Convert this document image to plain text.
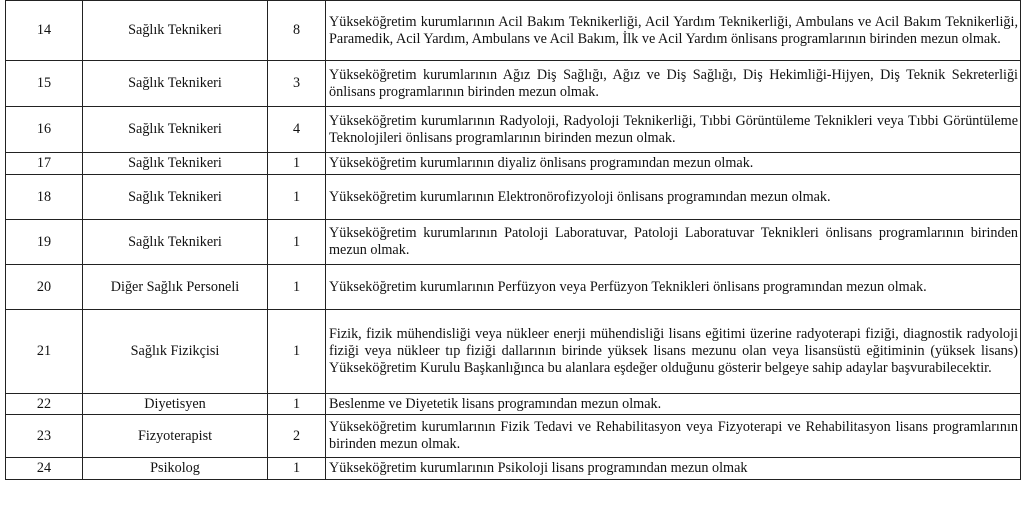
14	Sağlık Teknikeri	8	Yükseköğretim kurumlarının Acil Bakım Teknikerliği, Acil Yardım Teknikerliği, Ambulans ve Acil Bakım Teknikerliği, Paramedik, Acil Yardım, Ambulans ve Acil Bakım, İlk ve Acil Yardım önlisans programlarının birinden mezun olmak.
15	Sağlık Teknikeri	3	Yükseköğretim kurumlarının Ağız Diş Sağlığı, Ağız ve Diş Sağlığı, Diş Hekimliği-Hijyen, Diş Teknik Sekreterliği önlisans programlarının birinden mezun olmak.
16	Sağlık Teknikeri	4	Yükseköğretim kurumlarının Radyoloji, Radyoloji Teknikerliği, Tıbbi Görüntüleme Teknikleri veya Tıbbi Görüntüleme Teknolojileri önlisans programlarının birinden mezun olmak.
17	Sağlık Teknikeri	1	Yükseköğretim kurumlarının diyaliz önlisans programından mezun olmak.
18	Sağlık Teknikeri	1	Yükseköğretim kurumlarının Elektronörofizyoloji önlisans programından mezun olmak.
19	Sağlık Teknikeri	1	Yükseköğretim kurumlarının Patoloji Laboratuvar, Patoloji Laboratuvar Teknikleri önlisans programlarının birinden mezun olmak.
20	Diğer Sağlık Personeli	1	Yükseköğretim kurumlarının Perfüzyon veya Perfüzyon Teknikleri önlisans programından mezun olmak.
21	Sağlık Fizikçisi	1	Fizik, fizik mühendisliği veya nükleer enerji mühendisliği lisans eğitimi üzerine radyoterapi fiziği, diagnostik radyoloji fiziği veya nükleer tıp fiziği dallarının birinde yüksek lisans mezunu olan veya lisansüstü eğitiminin (yüksek lisans) Yükseköğretim Kurulu Başkanlığınca bu alanlara eşdeğer olduğunu gösterir belgeye sahip adaylar başvurabilecektir.
22	Diyetisyen	1	Beslenme ve Diyetetik lisans programından mezun olmak.
23	Fizyoterapist	2	Yükseköğretim kurumlarının Fizik Tedavi ve Rehabilitasyon veya Fizyoterapi ve Rehabilitasyon lisans programlarının birinden mezun olmak.
24	Psikolog	1	Yükseköğretim kurumlarının Psikoloji lisans programından mezun olmak
